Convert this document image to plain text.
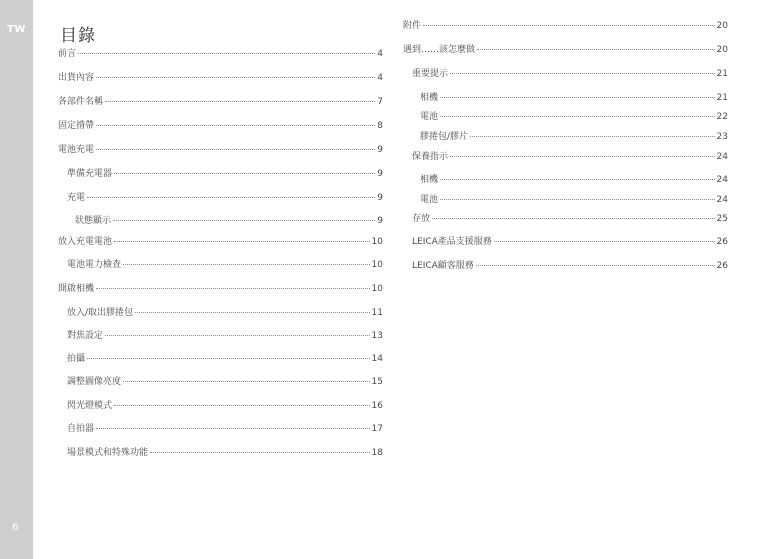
TW
6
目錄
前言	4
出貨內容	4
各部件名稱	7
固定揹帶	8
電池充電	9
準備充電器	9
充電	9
狀態顯示	9
放入充電電池	10
電池電力檢查	10
開啟相機	10
放入/取出膠捲包	11
對焦設定	13
拍攝	14
調整圖像亮度	15
閃光燈模式	16
自拍器	17
場景模式和特殊功能	18
附件	20
遇到……該怎麼做	20
重要提示	21
相機	21
電池	22
膠捲包/膠片	23
保養指示	24
相機	24
電池	24
存放	25
LEICA產品支援服務	26
LEICA顧客服務	26
